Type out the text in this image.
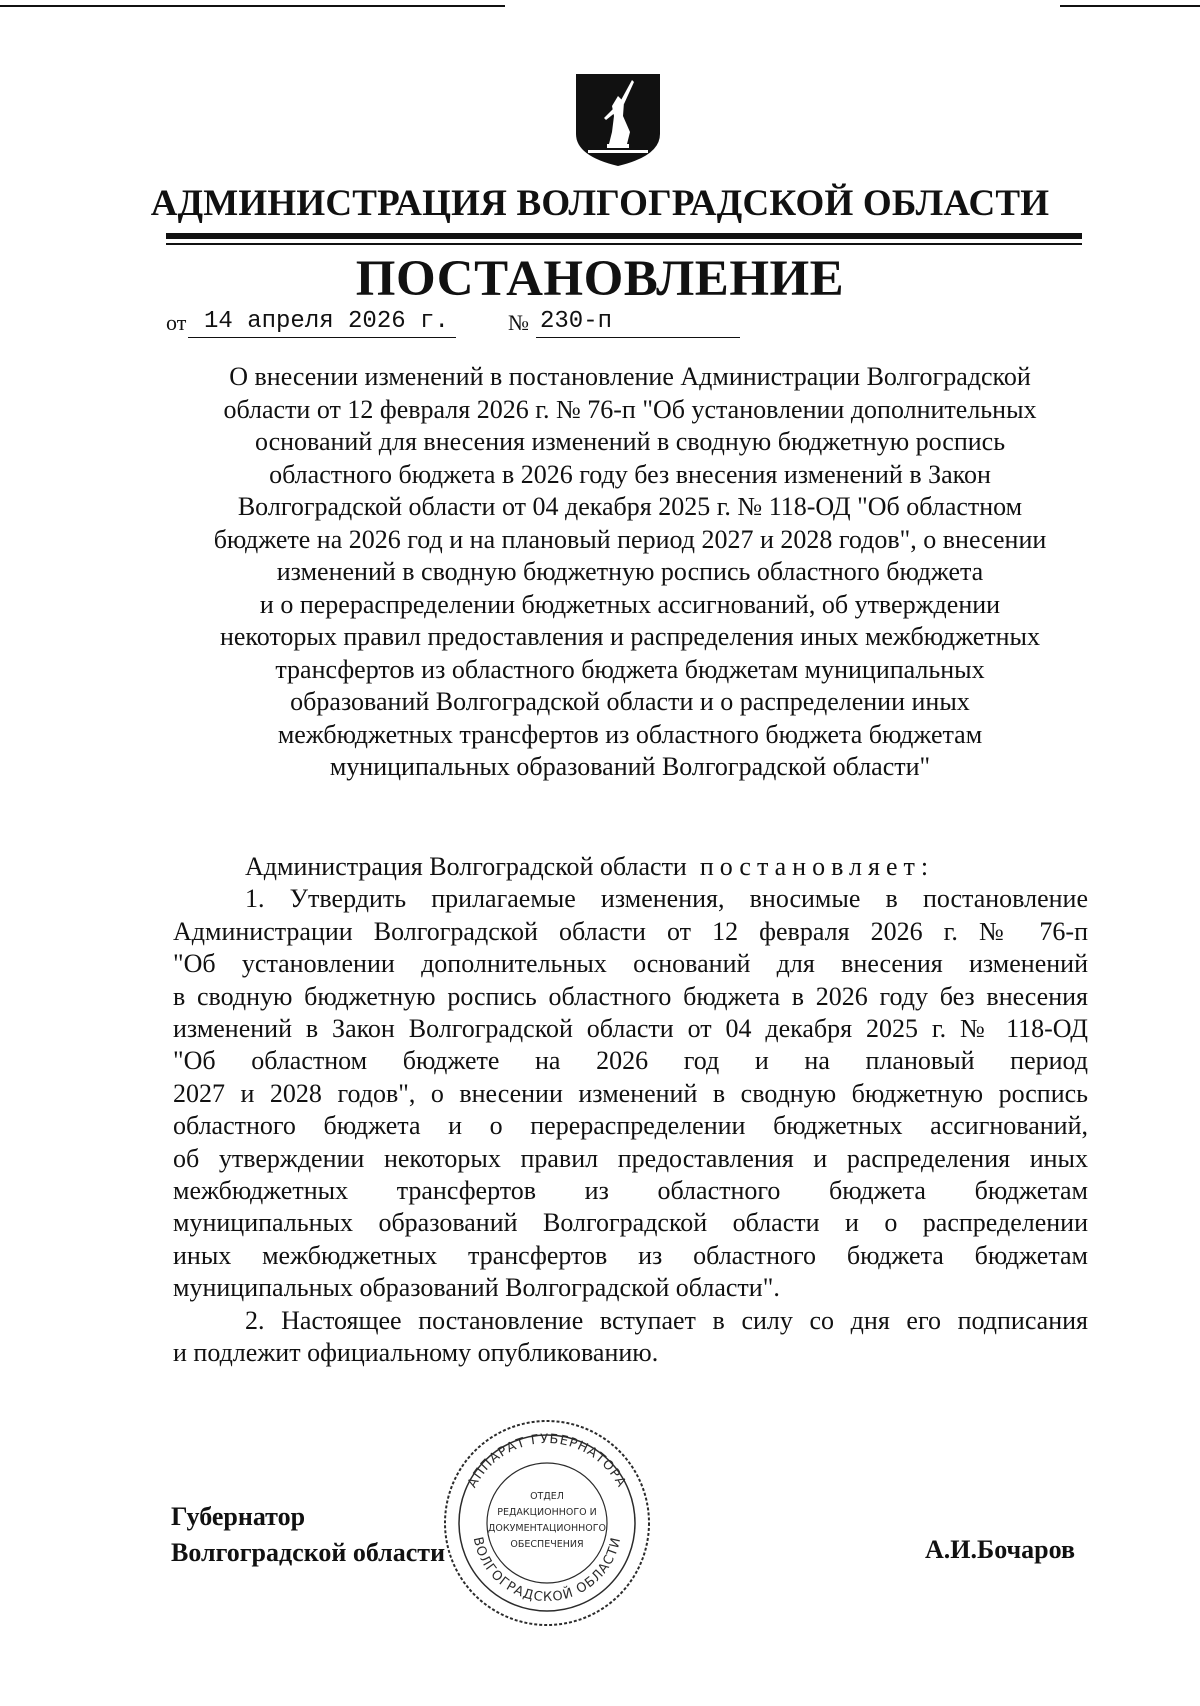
АДМИНИСТРАЦИЯ ВОЛГОГРАДСКОЙ ОБЛАСТИ
ПОСТАНОВЛЕНИЕ
от 14 апреля 2026 г.	№ 230-п
О внесении изменений в постановление Администрации Волгоградской
области от 12 февраля 2026 г. № 76-п "Об установлении дополнительных
оснований для внесения изменений в сводную бюджетную роспись
областного бюджета в 2026 году без внесения изменений в Закон
Волгоградской области от 04 декабря 2025 г. № 118-ОД "Об областном
бюджете на 2026 год и на плановый период 2027 и 2028 годов", о внесении
изменений в сводную бюджетную роспись областного бюджета
и о перераспределении бюджетных ассигнований, об утверждении
некоторых правил предоставления и распределения иных межбюджетных
трансфертов из областного бюджета бюджетам муниципальных
образований Волгоградской области и о распределении иных
межбюджетных трансфертов из областного бюджета бюджетам
муниципальных образований Волгоградской области"
Администрация Волгоградской области постановляет:
1. Утвердить прилагаемые изменения, вносимые в постановление
Администрации Волгоградской области от 12 февраля 2026 г. № 76-п
"Об установлении дополнительных оснований для внесения изменений
в сводную бюджетную роспись областного бюджета в 2026 году без внесения
изменений в Закон Волгоградской области от 04 декабря 2025 г. № 118-ОД
"Об областном бюджете на 2026 год и на плановый период
2027 и 2028 годов", о внесении изменений в сводную бюджетную роспись
областного бюджета и о перераспределении бюджетных ассигнований,
об утверждении некоторых правил предоставления и распределения иных
межбюджетных трансфертов из областного бюджета бюджетам
муниципальных образований Волгоградской области и о распределении
иных межбюджетных трансфертов из областного бюджета бюджетам
муниципальных образований Волгоградской области".
2. Настоящее постановление вступает в силу со дня его подписания
и подлежит официальному опубликованию.
АППАРАТ ГУБЕРНАТОРА
ВОЛГОГРАДСКОЙ ОБЛАСТИ
ОТДЕЛ
РЕДАКЦИОННОГО И
ДОКУМЕНТАЦИОННОГО
ОБЕСПЕЧЕНИЯ
Губернатор
Волгоградской области	А.И.Бочаров
